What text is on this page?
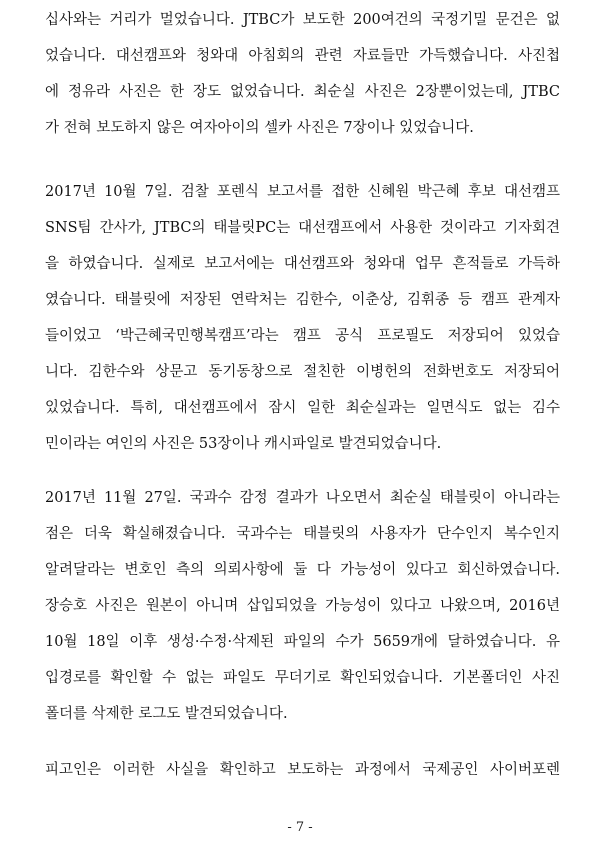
십사와는 거리가 멀었습니다. JTBC가 보도한 200여건의 국정기밀 문건은 없
었습니다. 대선캠프와 청와대 아침회의 관련 자료들만 가득했습니다. 사진첩
에 정유라 사진은 한 장도 없었습니다. 최순실 사진은 2장뿐이었는데, JTBC
가 전혀 보도하지 않은 여자아이의 셀카 사진은 7장이나 있었습니다.
2017년 10월 7일. 검찰 포렌식 보고서를 접한 신혜원 박근혜 후보 대선캠프
SNS팀 간사가, JTBC의 태블릿PC는 대선캠프에서 사용한 것이라고 기자회견
을 하였습니다. 실제로 보고서에는 대선캠프와 청와대 업무 흔적들로 가득하
였습니다. 태블릿에 저장된 연락처는 김한수, 이춘상, 김휘종 등 캠프 관계자
들이었고 ‘박근혜국민행복캠프’라는 캠프 공식 프로필도 저장되어 있었습
니다. 김한수와 상문고 동기동창으로 절친한 이병헌의 전화번호도 저장되어
있었습니다. 특히, 대선캠프에서 잠시 일한 최순실과는 일면식도 없는 김수
민이라는 여인의 사진은 53장이나 캐시파일로 발견되었습니다.
2017년 11월 27일. 국과수 감정 결과가 나오면서 최순실 태블릿이 아니라는
점은 더욱 확실해졌습니다. 국과수는 태블릿의 사용자가 단수인지 복수인지
알려달라는 변호인 측의 의뢰사항에 둘 다 가능성이 있다고 회신하였습니다.
장승호 사진은 원본이 아니며 삽입되었을 가능성이 있다고 나왔으며, 2016년
10월 18일 이후 생성·수정·삭제된 파일의 수가 5659개에 달하였습니다. 유
입경로를 확인할 수 없는 파일도 무더기로 확인되었습니다. 기본폴더인 사진
폴더를 삭제한 로그도 발견되었습니다.
피고인은 이러한 사실을 확인하고 보도하는 과정에서 국제공인 사이버포렌
- 7 -
